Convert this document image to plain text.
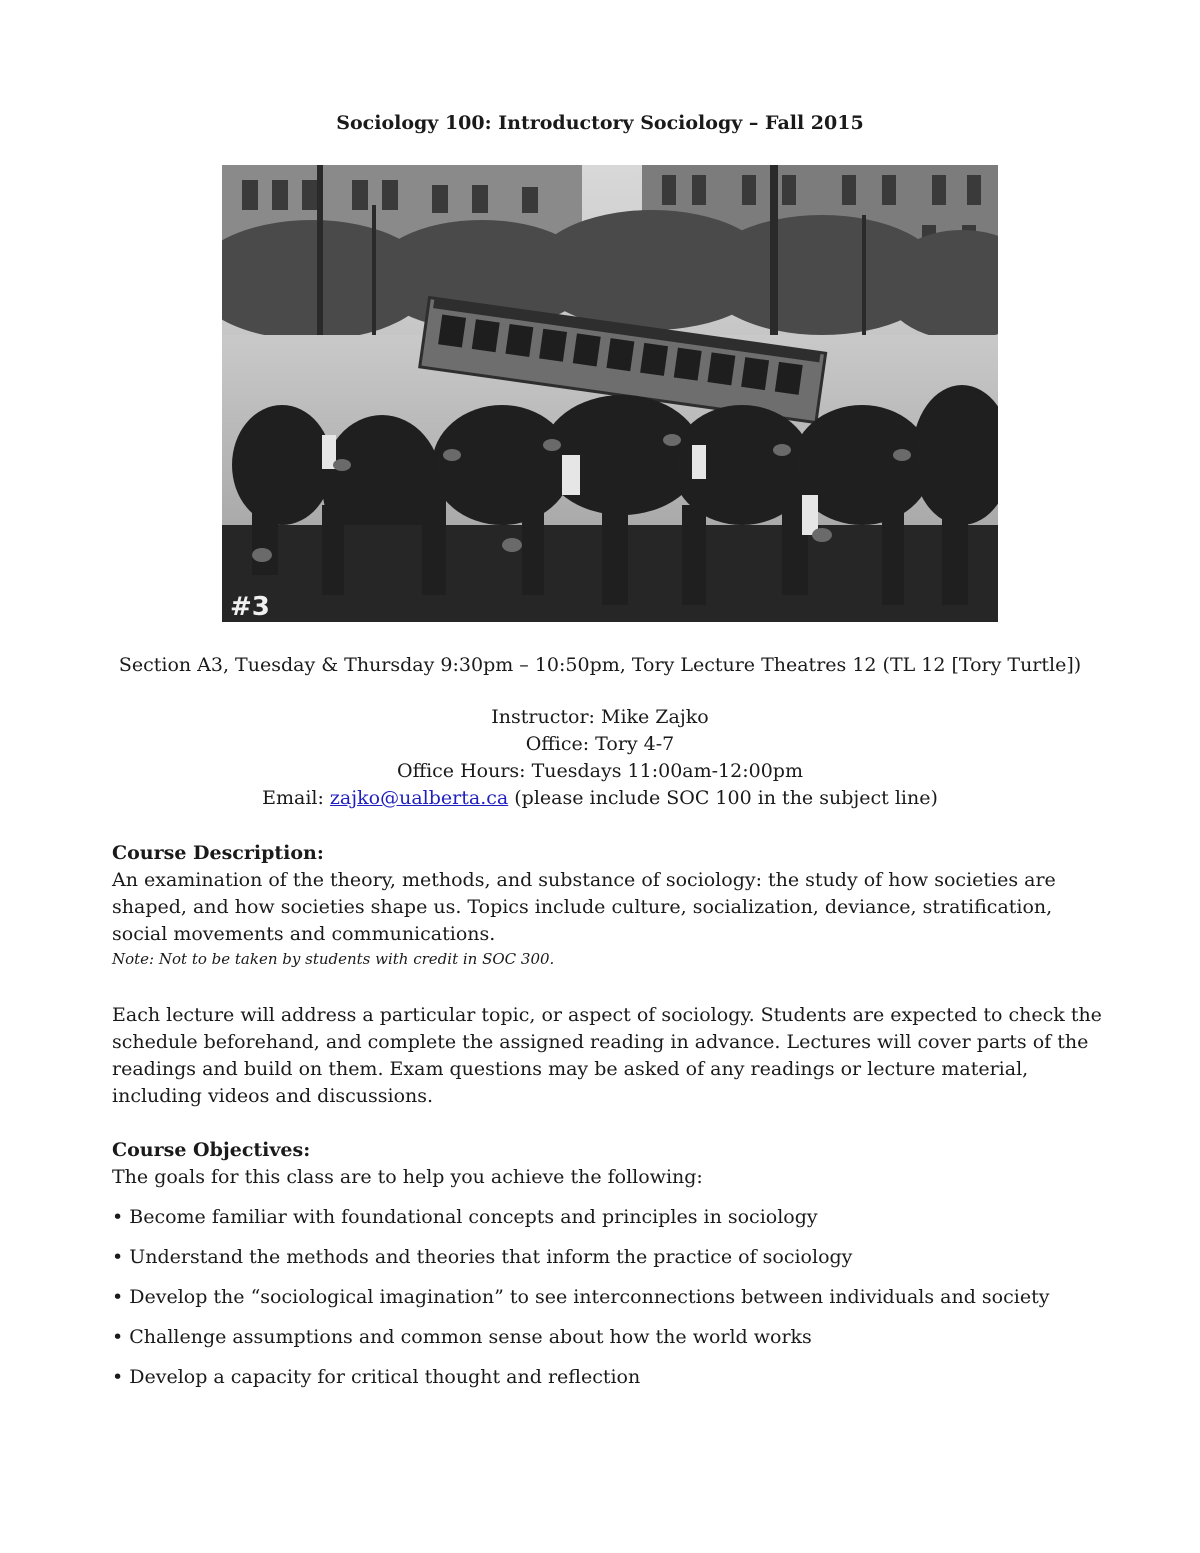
Sociology 100: Introductory Sociology – Fall 2015
#3
Section A3, Tuesday & Thursday 9:30pm – 10:50pm, Tory Lecture Theatres 12 (TL 12 [Tory Turtle])
Instructor: Mike Zajko
Office: Tory 4-7
Office Hours: Tuesdays 11:00am-12:00pm
Email: zajko@ualberta.ca (please include SOC 100 in the subject line)
Course Description:
An examination of the theory, methods, and substance of sociology: the study of how societies are shaped, and how societies shape us. Topics include culture, socialization, deviance, stratification, social movements and communications.
Note: Not to be taken by students with credit in SOC 300.
Each lecture will address a particular topic, or aspect of sociology. Students are expected to check the schedule beforehand, and complete the assigned reading in advance. Lectures will cover parts of the readings and build on them. Exam questions may be asked of any readings or lecture material, including videos and discussions.
Course Objectives:
The goals for this class are to help you achieve the following:
• Become familiar with foundational concepts and principles in sociology
• Understand the methods and theories that inform the practice of sociology
• Develop the “sociological imagination” to see interconnections between individuals and society
• Challenge assumptions and common sense about how the world works
• Develop a capacity for critical thought and reflection
